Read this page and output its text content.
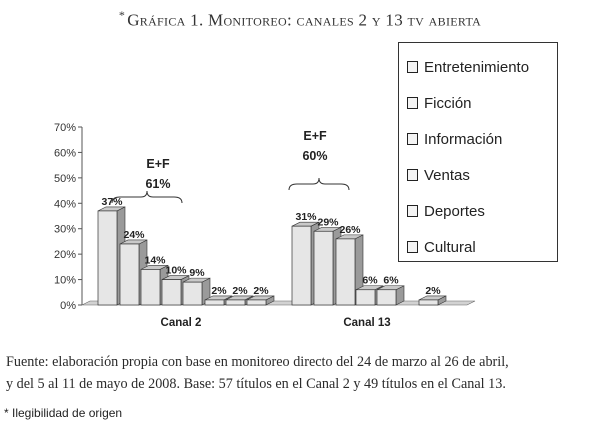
* Gráfica 1. Monitoreo: canales 2 y 13 tv abierta
0%
10%
20%
30%
40%
50%
60%
70%
37%
24%
14%
10% 9%
2% 2% 2%
31% 29%
26%
6% 6%
2%
Canal 2	Canal 13
E+F
61%
E+F
60%
Entretenimiento
Ficción
Información
Ventas
Deportes
Cultural
Fuente: elaboración propia con base en monitoreo directo del 24 de marzo al 26 de abril,
y del 5 al 11 de mayo de 2008. Base: 57 títulos en el Canal 2 y 49 títulos en el Canal 13.
* Ilegibilidad de origen
